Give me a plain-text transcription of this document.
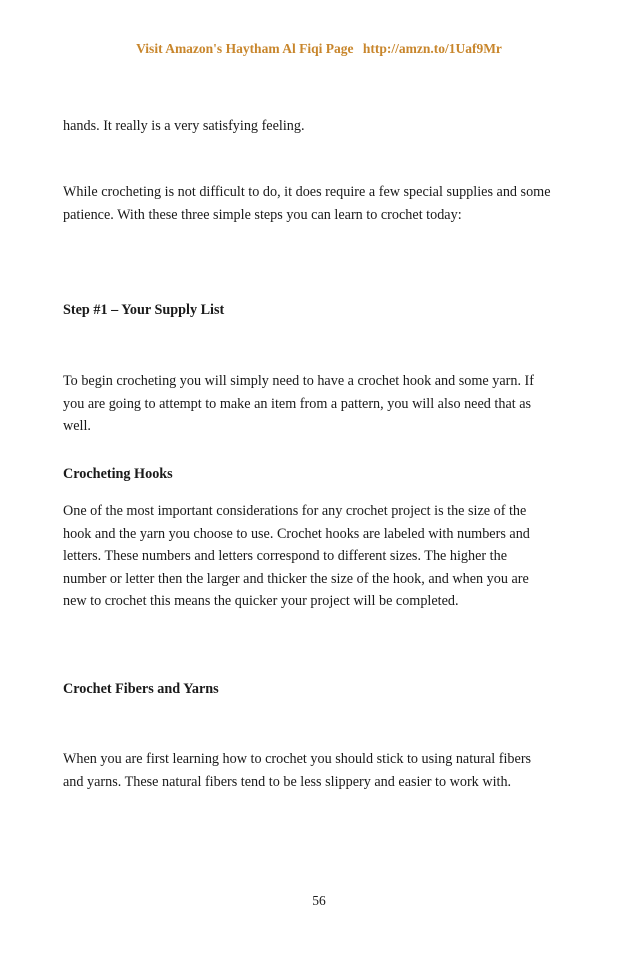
Visit Amazon's Haytham Al Fiqi Page http://amzn.to/1Uaf9Mr

hands. It really is a very satisfying feeling.

While crocheting is not difficult to do, it does require a few special supplies and some patience. With these three simple steps you can learn to crochet today:

Step #1 – Your Supply List

To begin crocheting you will simply need to have a crochet hook and some yarn. If you are going to attempt to make an item from a pattern, you will also need that as well.

Crocheting Hooks

One of the most important considerations for any crochet project is the size of the hook and the yarn you choose to use. Crochet hooks are labeled with numbers and letters. These numbers and letters correspond to different sizes. The higher the number or letter then the larger and thicker the size of the hook, and when you are new to crochet this means the quicker your project will be completed.

Crochet Fibers and Yarns

When you are first learning how to crochet you should stick to using natural fibers and yarns. These natural fibers tend to be less slippery and easier to work with.

56
